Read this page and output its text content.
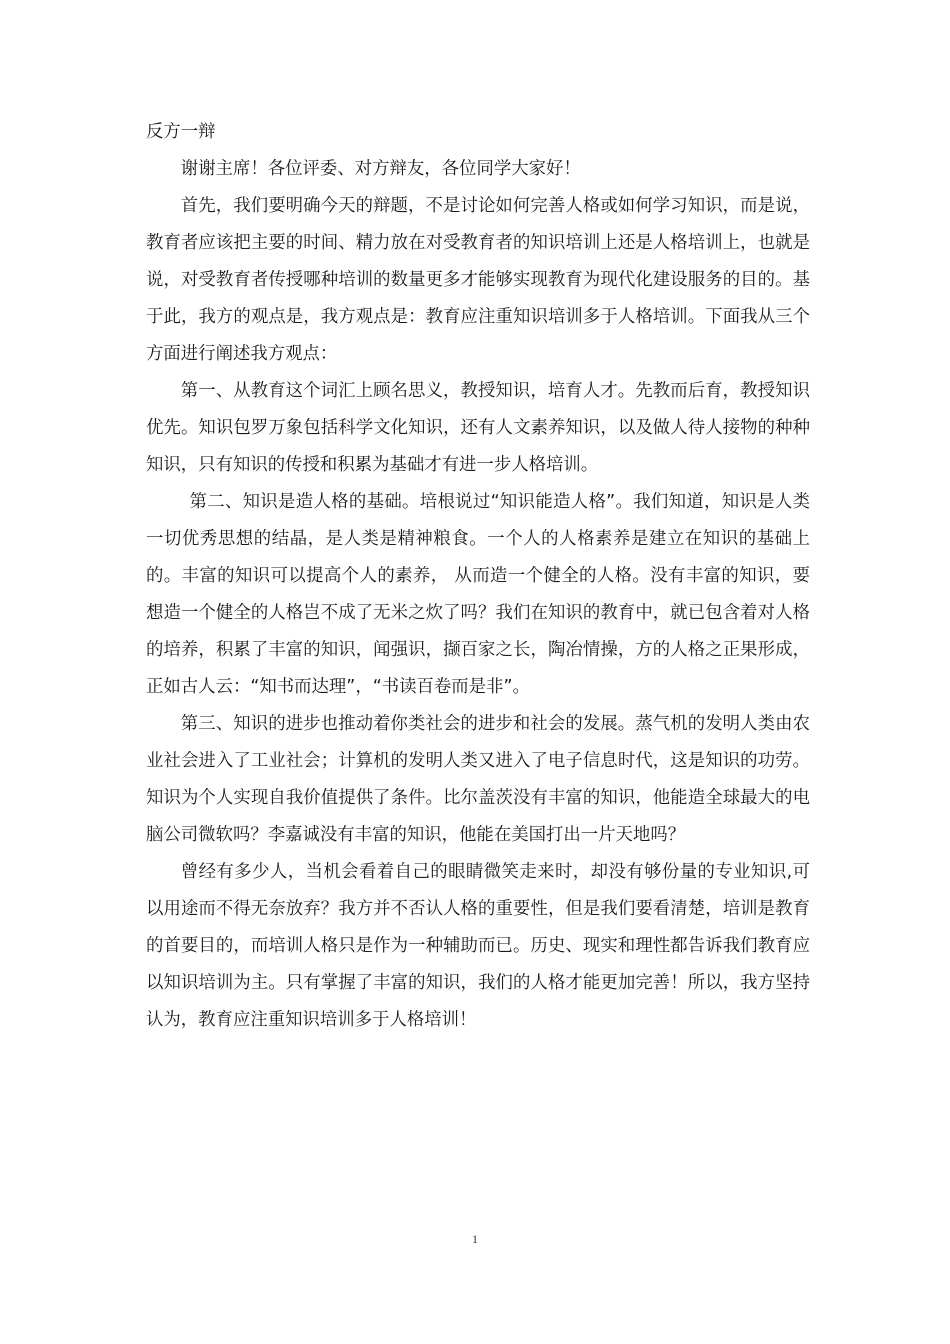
反方一辩

谢谢主席！各位评委、对方辩友，各位同学大家好！

首先，我们要明确今天的辩题，不是讨论如何完善人格或如何学习知识，而是说，教育者应该把主要的时间、精力放在对受教育者的知识培训上还是人格培训上，也就是说，对受教育者传授哪种培训的数量更多才能够实现教育为现代化建设服务的目的。基于此，我方的观点是，我方观点是：教育应注重知识培训多于人格培训。下面我从三个方面进行阐述我方观点：

第一、从教育这个词汇上顾名思义，教授知识，培育人才。先教而后育，教授知识优先。知识包罗万象包括科学文化知识，还有人文素养知识，以及做人待人接物的种种知识，只有知识的传授和积累为基础才有进一步人格培训。

第二、知识是造人格的基础。培根说过“知识能造人格”。我们知道，知识是人类一切优秀思想的结晶，是人类是精神粮食。一个人的人格素养是建立在知识的基础上的。丰富的知识可以提高个人的素养， 从而造一个健全的人格。没有丰富的知识，要想造一个健全的人格岂不成了无米之炊了吗？我们在知识的教育中，就已包含着对人格的培养，积累了丰富的知识，闻强识，撷百家之长，陶冶情操，方的人格之正果形成，正如古人云：“知书而达理”，“书读百卷而是非”。

第三、知识的进步也推动着你类社会的进步和社会的发展。蒸气机的发明人类由农业社会进入了工业社会；计算机的发明人类又进入了电子信息时代，这是知识的功劳。知识为个人实现自我价值提供了条件。比尔盖茨没有丰富的知识，他能造全球最大的电脑公司微软吗？李嘉诚没有丰富的知识，他能在美国打出一片天地吗？

曾经有多少人，当机会看着自己的眼睛微笑走来时，却没有够份量的专业知识,可以用途而不得无奈放弃？我方并不否认人格的重要性，但是我们要看清楚，培训是教育的首要目的，而培训人格只是作为一种辅助而已。历史、现实和理性都告诉我们教育应以知识培训为主。只有掌握了丰富的知识，我们的人格才能更加完善！所以，我方坚持认为，教育应注重知识培训多于人格培训！

1
